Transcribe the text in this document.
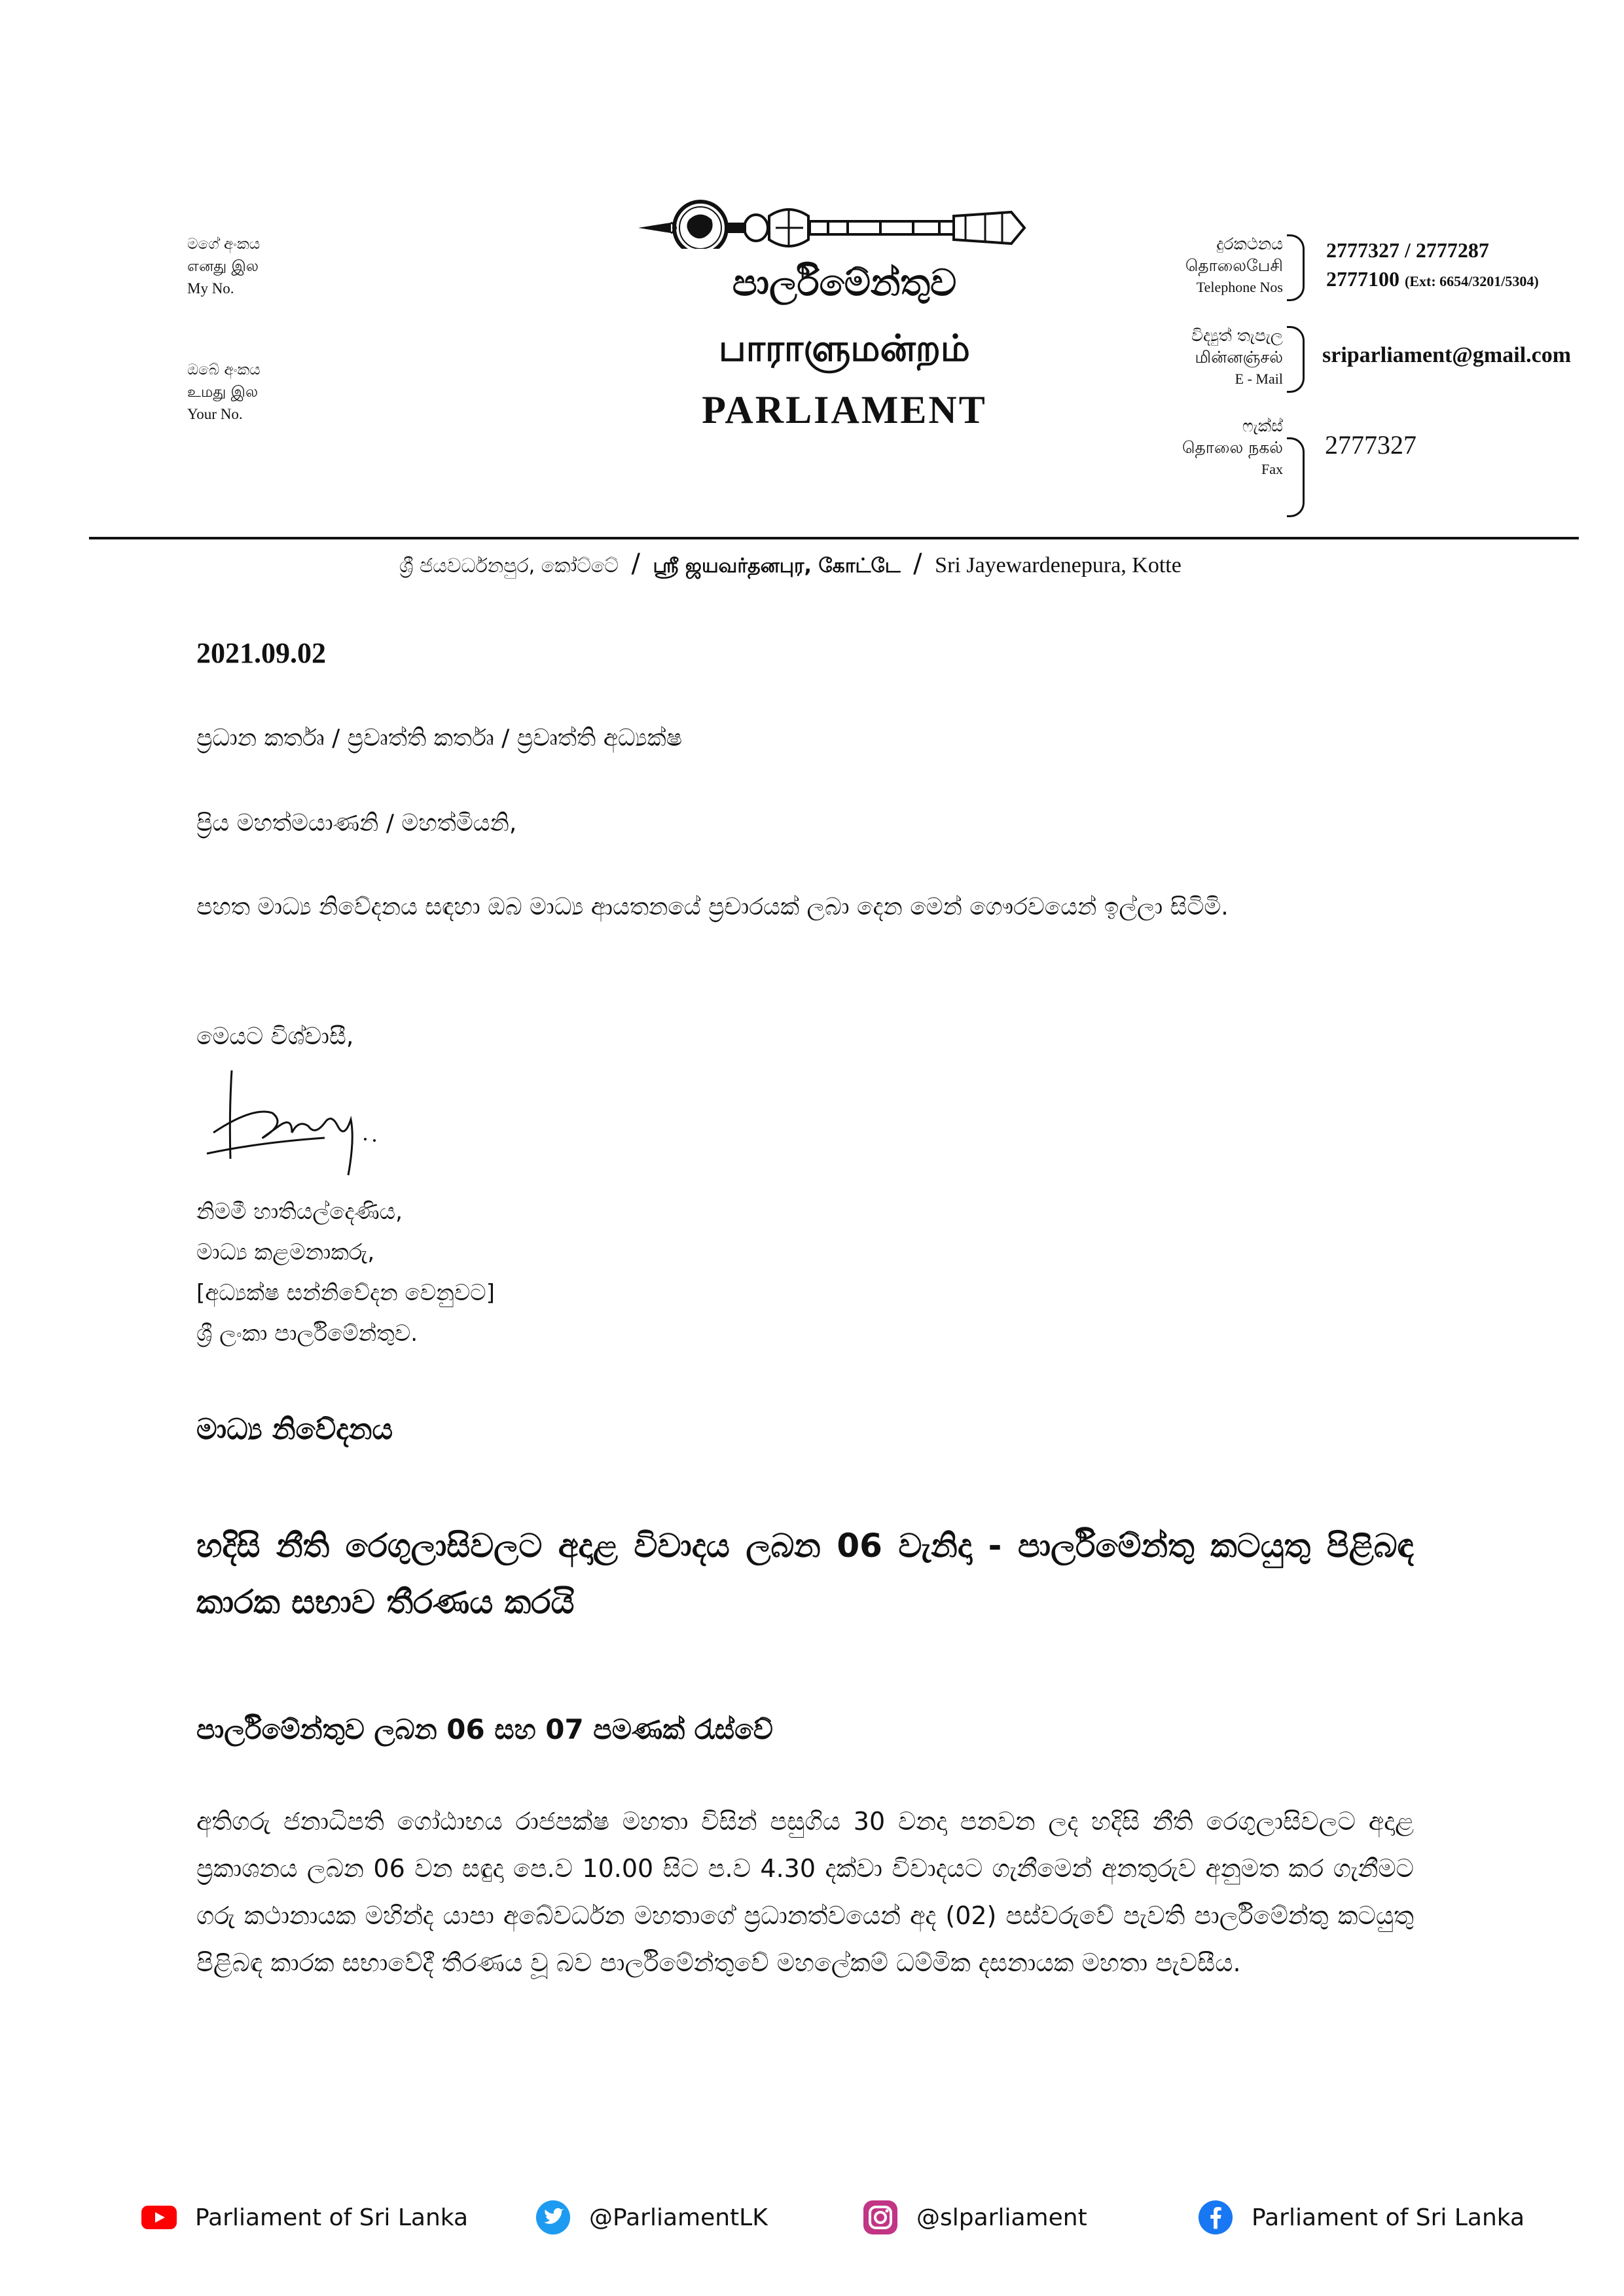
මගේ අංකය
எனது இல
My No.
ඔබේ අංකය
உமது இல
Your No.
පාර්ලිමේන්තුව
பாராளுமன்றம்
PARLIAMENT
දුරකථනය
தொலைபேசி
Telephone Nos
2777327 / 2777287
2777100 (Ext: 6654/3201/5304)
විද්‍යුත් තැපැල
மின்னஞ்சல்
E - Mail
sriparliament@gmail.com
ෆැක්ස්
தொலை நகல்
Fax
2777327
ශ්‍රී ජයවර්ධනපුර, කෝට්ටේ / ஸ்ரீ ஜயவர்தனபுர, கோட்டே / Sri Jayewardenepura, Kotte
2021.09.02
ප්‍රධාන කර්තෘ / ප්‍රවෘත්ති කර්තෘ / ප්‍රවෘත්ති අධ්‍යක්ෂ
ප්‍රිය මහත්මයාණනි / මහත්මියනි,
පහත මාධ්‍ය නිවේදනය සඳහා ඔබ මාධ්‍ය ආයතනයේ ප්‍රචාරයක් ලබා දෙන මෙන් ගෞරවයෙන් ඉල්ලා සිටිමි.
මෙයට විශ්වාසී,
නිමමී හාතියල්දෙණිය,
මාධ්‍ය කළමනාකරු,
[අධ්‍යක්ෂ සන්නිවේදන වෙනුවට]
ශ්‍රී ලංකා පාර්ලිමේන්තුව.
මාධ්‍ය නිවේදනය
හදිසි නීති රෙගුලාසිවලට අදාළ විවාදය ලබන 06 වැනිදා - පාර්ලිමේන්තු කටයුතු පිළිබඳ කාරක සභාව තීරණය කරයි
පාර්ලිමේන්තුව ලබන 06 සහ 07 පමණක් රැස්වේ
අතිගරු ජනාධිපති ගෝඨාභය රාජපක්ෂ මහතා විසින් පසුගිය 30 වනදා පනවන ලද හදිසි නීති රෙගුලාසිවලට අදාළ ප්‍රකාශනය ලබන 06 වන සඳුදා පෙ.ව 10.00 සිට ප.ව 4.30 දක්වා විවාදයට ගැනීමෙන් අනතුරුව අනුමත කර ගැනීමට ගරු කථානායක මහින්ද යාපා අබේවර්ධන මහතාගේ ප්‍රධානත්වයෙන් අද (02) පස්වරුවේ පැවති පාර්ලිමේන්තු කටයුතු පිළිබඳ කාරක සභාවේදී තීරණය වූ බව පාර්ලිමේන්තුවේ මහලේකම් ධම්මික දසනායක මහතා පැවසීය.
Parliament of Sri Lanka	@ParliamentLK	@slparliament	Parliament of Sri Lanka
